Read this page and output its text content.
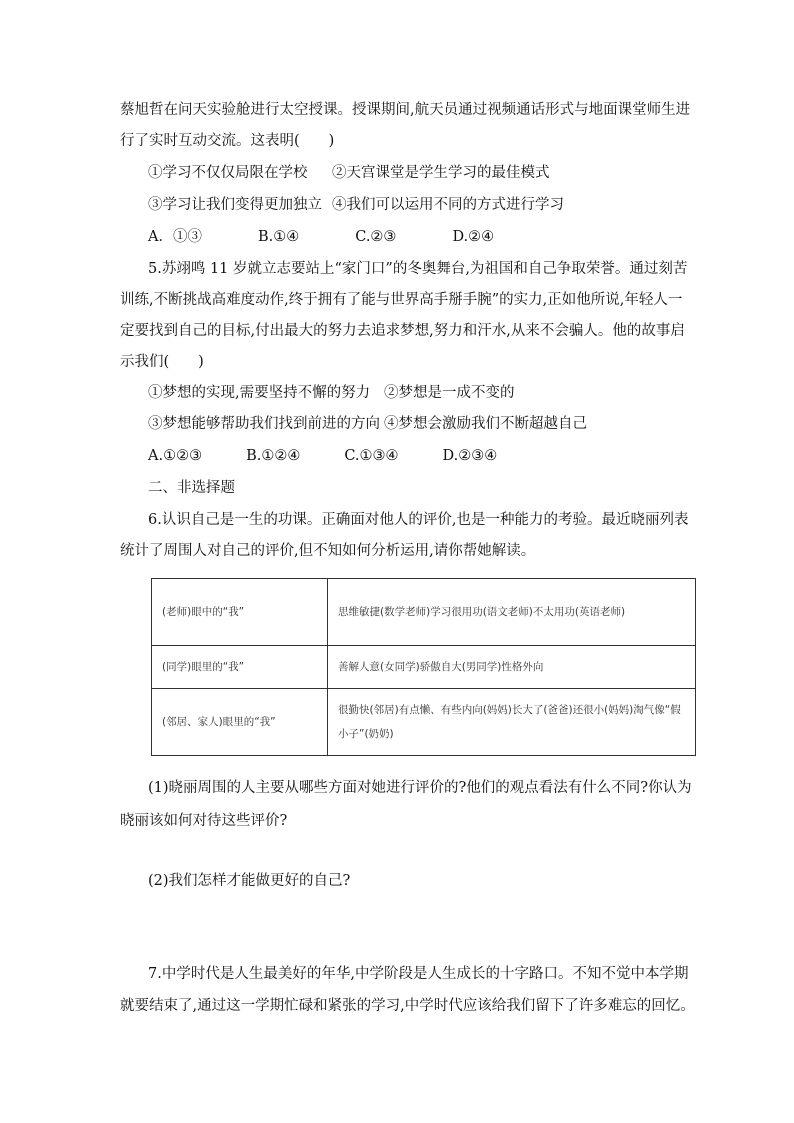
蔡旭哲在问天实验舱进行太空授课。授课期间,航天员通过视频通话形式与地面课堂师生进
行了实时互动交流。这表明(　　)
①学习不仅仅局限在学校 ②天宫课堂是学生学习的最佳模式
③学习让我们变得更加独立 ④我们可以运用不同的方式进行学习
A．①③	B.①④	C.②③	D.②④
5.苏翊鸣 11 岁就立志要站上“家门口”的冬奥舞台,为祖国和自己争取荣誉。通过刻苦
训练,不断挑战高难度动作,终于拥有了能与世界高手掰手腕”的实力,正如他所说,年轻人一
定要找到自己的目标,付出最大的努力去追求梦想,努力和汗水,从来不会骗人。他的故事启
示我们(　　)
①梦想的实现,需要坚持不懈的努力 ②梦想是一成不变的
③梦想能够帮助我们找到前进的方向 ④梦想会激励我们不断超越自己
A.①②③	B.①②④	C.①③④	D.②③④
二、非选择题
6.认识自己是一生的功课。正确面对他人的评价,也是一种能力的考验。最近晓丽列表
统计了周围人对自己的评价,但不知如何分析运用,请你帮她解读。
(老师)眼中的“我”	思维敏捷(数学老师)学习很用功(语文老师)不太用功(英语老师)
(同学)眼里的“我”	善解人意(女同学)骄傲自大(男同学)性格外向
(邻居、家人)眼里的“我”	很勤快(邻居)有点懒、有些内向(妈妈)长大了(爸爸)还很小(妈妈)淘气像“假小子”(奶奶)
(1)晓丽周围的人主要从哪些方面对她进行评价的?他们的观点看法有什么不同?你认为
晓丽该如何对待这些评价?
(2)我们怎样才能做更好的自己?
7.中学时代是人生最美好的年华,中学阶段是人生成长的十字路口。不知不觉中本学期
就要结束了,通过这一学期忙碌和紧张的学习,中学时代应该给我们留下了许多难忘的回忆。
